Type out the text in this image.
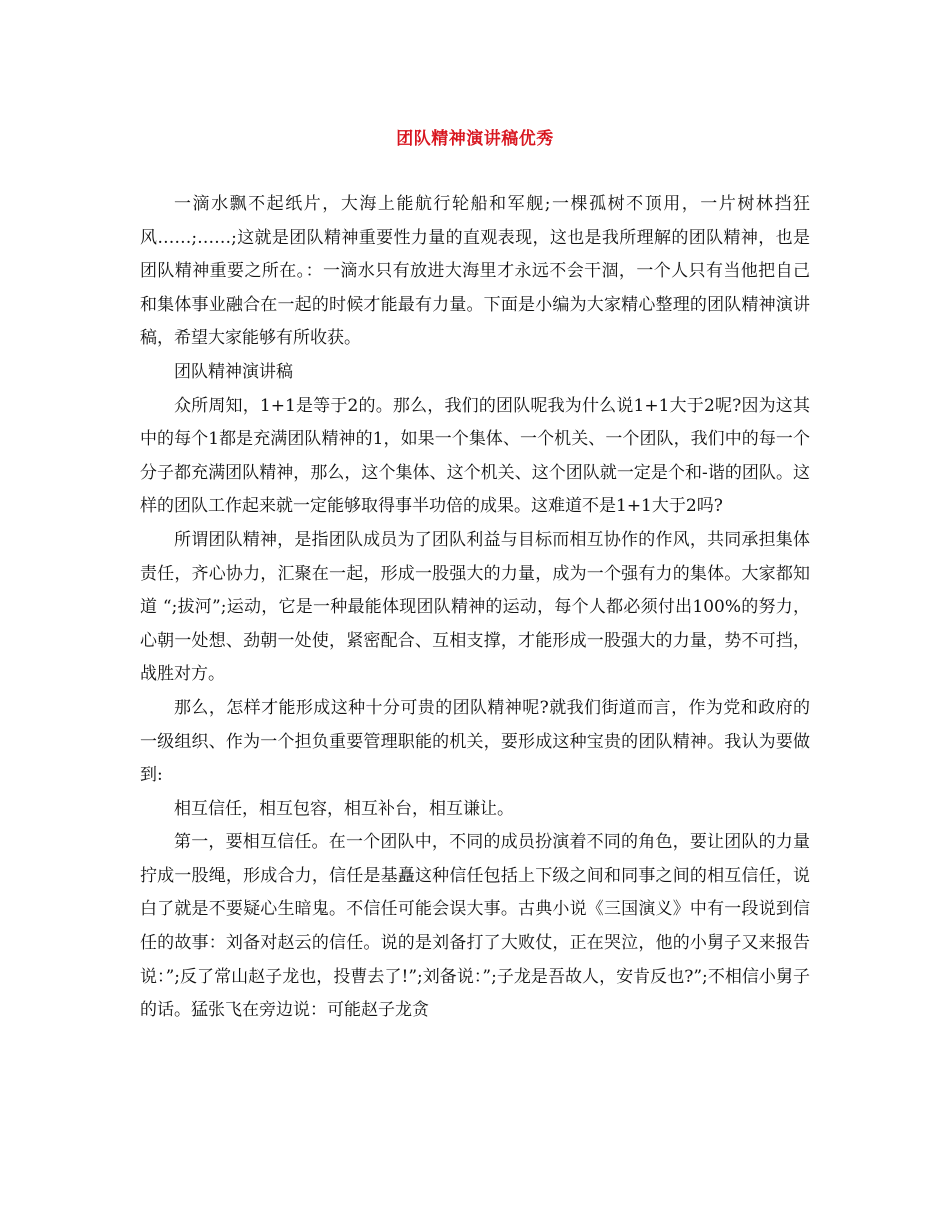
团队精神演讲稿优秀

一滴水飘不起纸片，大海上能航行轮船和军舰;一棵孤树不顶用，一片树林挡狂风……;……;这就是团队精神重要性力量的直观表现，这也是我所理解的团队精神，也是团队精神重要之所在。：一滴水只有放进大海里才永远不会干涸，一个人只有当他把自己和集体事业融合在一起的时候才能最有力量。下面是小编为大家精心整理的团队精神演讲稿，希望大家能够有所收获。

团队精神演讲稿

众所周知，1+1是等于2的。那么，我们的团队呢我为什么说1+1大于2呢?因为这其中的每个1都是充满团队精神的1，如果一个集体、一个机关、一个团队，我们中的每一个分子都充满团队精神，那么，这个集体、这个机关、这个团队就一定是个和-谐的团队。这样的团队工作起来就一定能够取得事半功倍的成果。这难道不是1+1大于2吗?

所谓团队精神，是指团队成员为了团队利益与目标而相互协作的作风，共同承担集体责任，齐心协力，汇聚在一起，形成一股强大的力量，成为一个强有力的集体。大家都知道 “;拔河”;运动，它是一种最能体现团队精神的运动，每个人都必须付出100%的努力，心朝一处想、劲朝一处使，紧密配合、互相支撑，才能形成一股强大的力量，势不可挡，战胜对方。

那么，怎样才能形成这种十分可贵的团队精神呢?就我们街道而言，作为党和政府的一级组织、作为一个担负重要管理职能的机关，要形成这种宝贵的团队精神。我认为要做到:

相互信任，相互包容，相互补台，相互谦让。

第一，要相互信任。在一个团队中，不同的成员扮演着不同的角色，要让团队的力量拧成一股绳，形成合力，信任是基矗这种信任包括上下级之间和同事之间的相互信任，说白了就是不要疑心生暗鬼。不信任可能会误大事。古典小说《三国演义》中有一段说到信任的故事：刘备对赵云的信任。说的是刘备打了大败仗，正在哭泣，他的小舅子又来报告说：”;反了常山赵子龙也，投曹去了!”;刘备说：”;子龙是吾故人，安肯反也?”;不相信小舅子的话。猛张飞在旁边说：可能赵子龙贪
